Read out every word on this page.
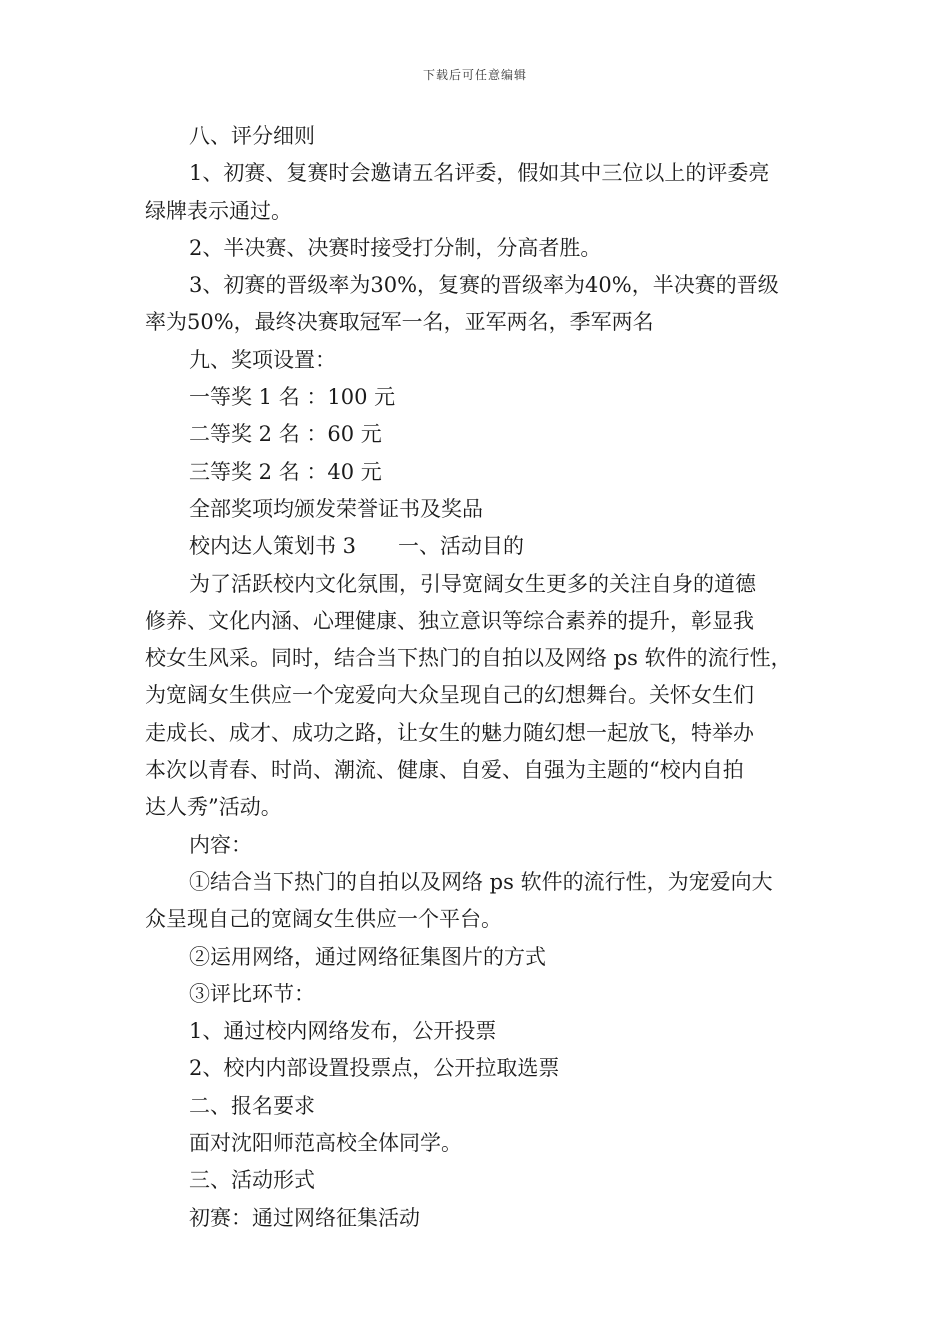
下载后可任意编辑
八、评分细则
1、初赛、复赛时会邀请五名评委，假如其中三位以上的评委亮
绿牌表示通过。
2、半决赛、决赛时接受打分制，分高者胜。
3、初赛的晋级率为30%，复赛的晋级率为40%，半决赛的晋级
率为50%，最终决赛取冠军一名，亚军两名，季军两名
九、奖项设置：
一等奖 1 名 ：100 元
二等奖 2 名 ：60 元
三等奖 2 名 ：40 元
全部奖项均颁发荣誉证书及奖品
校内达人策划书 3　　一、活动目的
为了活跃校内文化氛围，引导宽阔女生更多的关注自身的道德
修养、文化内涵、心理健康、独立意识等综合素养的提升，彰显我
校女生风采。同时，结合当下热门的自拍以及网络 ps 软件的流行性，
为宽阔女生供应一个宠爱向大众呈现自己的幻想舞台。关怀女生们
走成长、成才、成功之路，让女生的魅力随幻想一起放飞，特举办
本次以青春、时尚、潮流、健康、自爱、自强为主题的“校内自拍
达人秀”活动。
内容：
①结合当下热门的自拍以及网络 ps 软件的流行性，为宠爱向大
众呈现自己的宽阔女生供应一个平台。
②运用网络，通过网络征集图片的方式
③评比环节：
1、通过校内网络发布，公开投票
2、校内内部设置投票点，公开拉取选票
二、报名要求
面对沈阳师范高校全体同学。
三、活动形式
初赛：通过网络征集活动
